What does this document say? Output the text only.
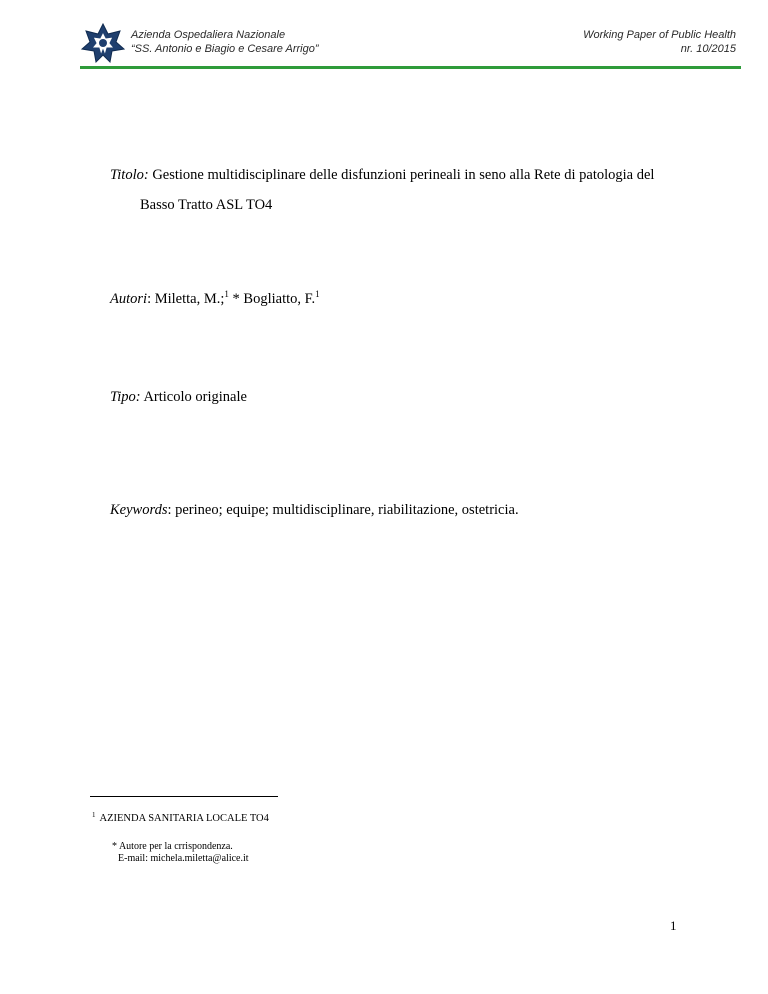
Azienda Ospedaliera Nazionale
“SS. Antonio e Biagio e Cesare Arrigo”
Working Paper of Public Health
nr. 10/2015
Titolo: Gestione multidisciplinare delle disfunzioni perineali in seno alla Rete di patologia del
Basso Tratto ASL TO4
Autori: Miletta, M.;$^1$ * Bogliatto, F.$^1$
Tipo: Articolo originale
Keywords: perineo; equipe; multidisciplinare, riabilitazione, ostetricia.
$^1$ AZIENDA SANITARIA LOCALE TO4
* Autore per la crrispondenza.
E-mail: michela.miletta@alice.it
1
